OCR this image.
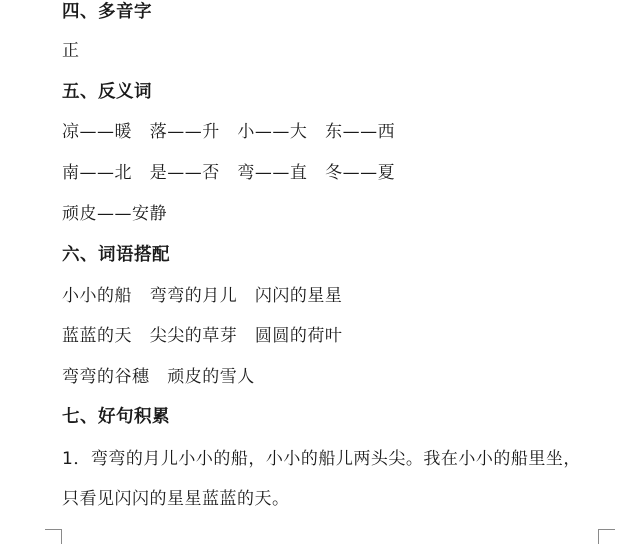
四、多音字
正
五、反义词
凉——暖   落——升   小——大   东——西
南——北   是——否   弯——直   冬——夏
顽皮——安静
六、词语搭配
小小的船   弯弯的月儿   闪闪的星星
蓝蓝的天   尖尖的草芽   圆圆的荷叶
弯弯的谷穗   顽皮的雪人
七、好句积累
1．弯弯的月儿小小的船，小小的船儿两头尖。我在小小的船里坐，
只看见闪闪的星星蓝蓝的天。
